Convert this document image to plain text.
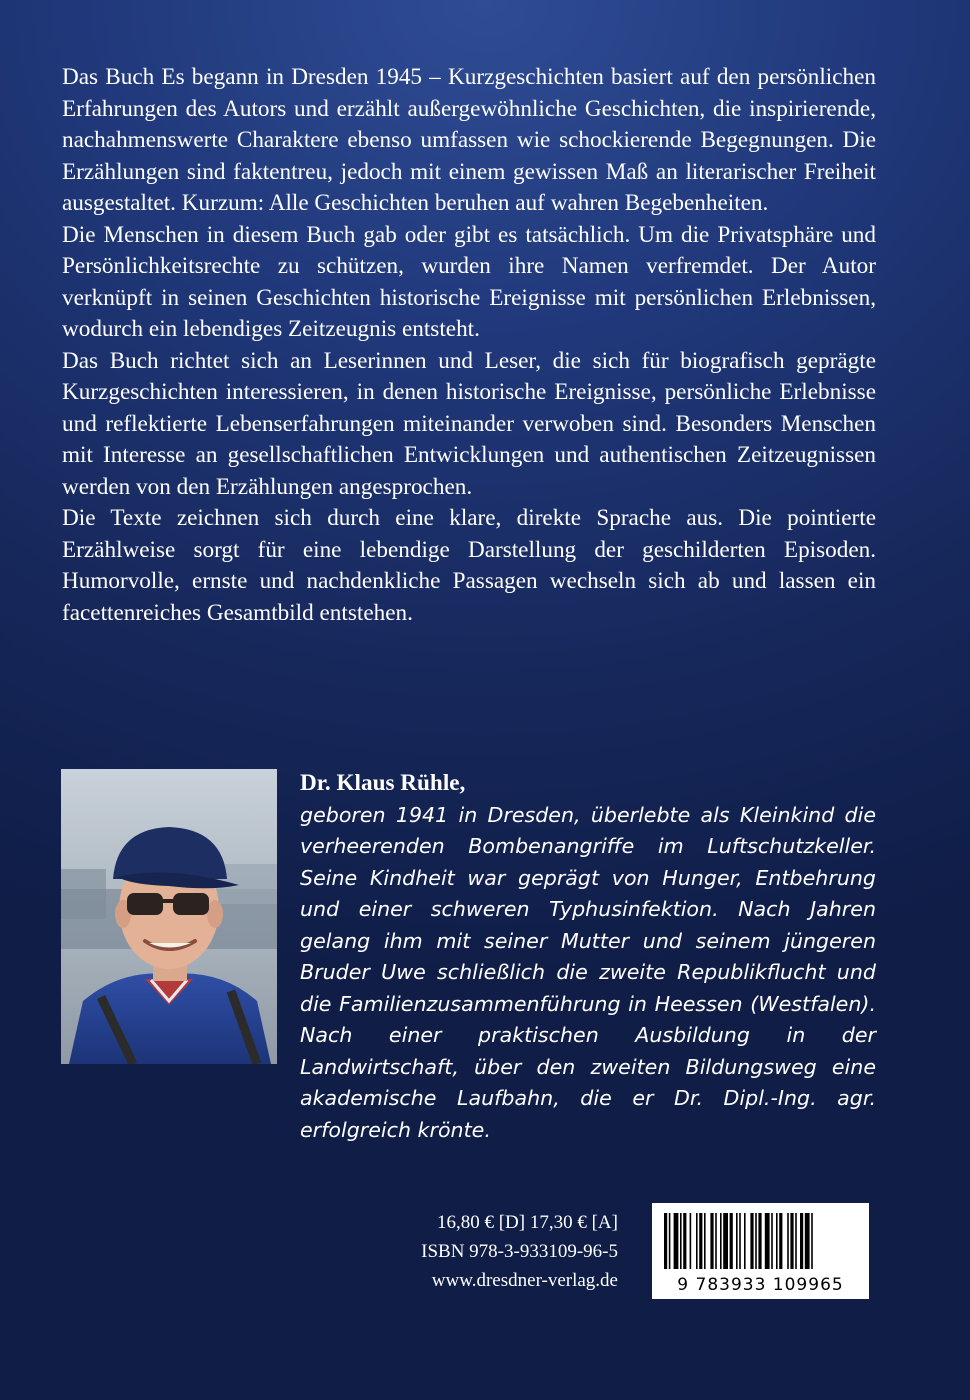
Das Buch Es begann in Dresden 1945 – Kurzgeschichten basiert auf den persönlichen Erfahrungen des Autors und erzählt außergewöhnliche Geschichten, die inspirierende, nachahmenswerte Charaktere ebenso umfassen wie schockierende Begegnungen. Die Erzählungen sind faktentreu, jedoch mit einem gewissen Maß an literarischer Freiheit ausgestaltet. Kurzum: Alle Geschichten beruhen auf wahren Begebenheiten.

Die Menschen in diesem Buch gab oder gibt es tatsächlich. Um die Privatsphäre und Persönlichkeitsrechte zu schützen, wurden ihre Namen verfremdet. Der Autor verknüpft in seinen Geschichten historische Ereignisse mit persönlichen Erlebnissen, wodurch ein lebendiges Zeitzeugnis entsteht.

Das Buch richtet sich an Leserinnen und Leser, die sich für biografisch geprägte Kurzgeschichten interessieren, in denen historische Ereignisse, persönliche Erlebnisse und reflektierte Lebenserfahrungen miteinander verwoben sind. Besonders Menschen mit Interesse an gesellschaftlichen Entwicklungen und authentischen Zeitzeugnissen werden von den Erzählungen angesprochen.

Die Texte zeichnen sich durch eine klare, direkte Sprache aus. Die pointierte Erzählweise sorgt für eine lebendige Darstellung der geschilderten Episoden. Humorvolle, ernste und nachdenkliche Passagen wechseln sich ab und lassen ein facettenreiches Gesamtbild entstehen.

Dr. Klaus Rühle,

geboren 1941 in Dresden, überlebte als Kleinkind die verheerenden Bombenangriffe im Luftschutzkeller. Seine Kindheit war geprägt von Hunger, Entbehrung und einer schweren Typhusinfektion. Nach Jahren gelang ihm mit seiner Mutter und seinem jüngeren Bruder Uwe schließlich die zweite Republikflucht und die Familienzusammenführung in Heessen (Westfalen). Nach einer praktischen Ausbildung in der Landwirtschaft, über den zweiten Bildungsweg eine akademische Laufbahn, die er Dr. Dipl.-Ing. agr. erfolgreich krönte.

16,80 € [D] 17,30 € [A]
ISBN 978-3-933109-96-5
www.dresdner-verlag.de	9 783933 109965
